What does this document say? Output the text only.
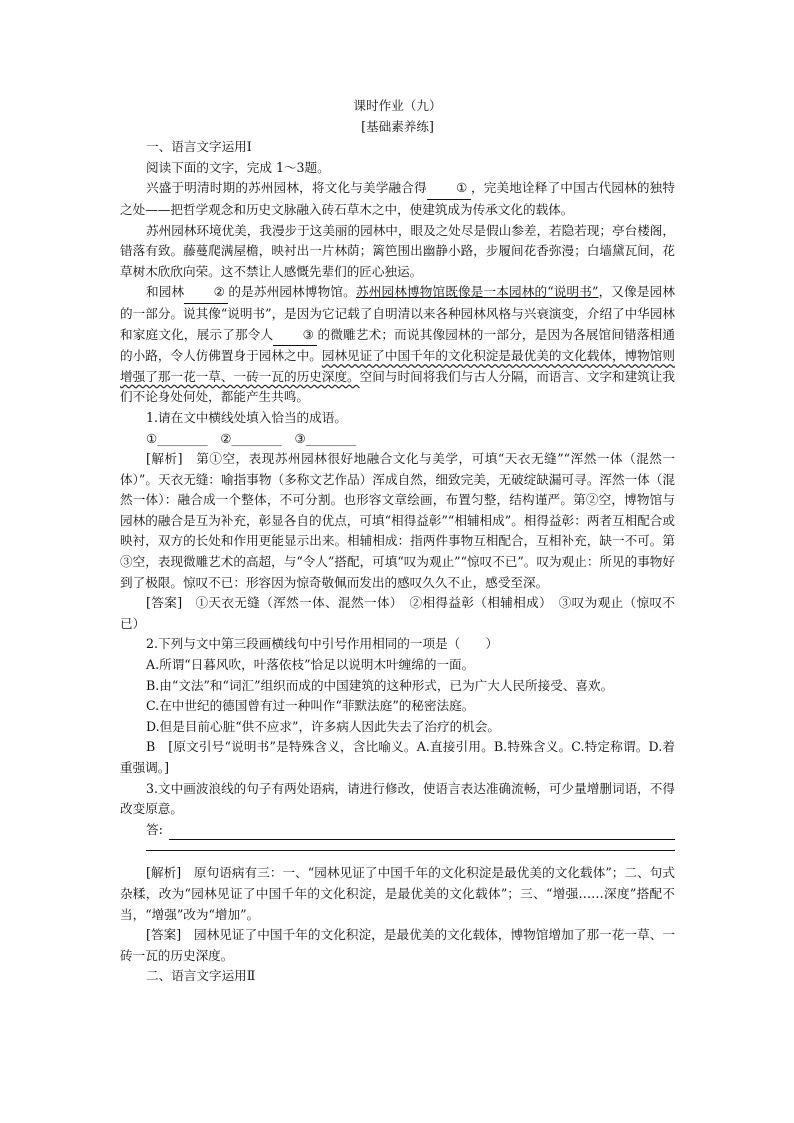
课时作业（九）

[基础素养练]

一、语言文字运用Ⅰ

阅读下面的文字，完成 1～3题。

兴盛于明清时期的苏州园林，将文化与美学融合得 ① ，完美地诠释了中国古代园林的独特之处——把哲学观念和历史文脉融入砖石草木之中，使建筑成为传承文化的载体。

苏州园林环境优美，我漫步于这美丽的园林中，眼及之处尽是假山参差，若隐若现；亭台楼阁，错落有致。藤蔓爬满屋檐，映衬出一片林荫；篱笆围出幽静小路，步履间花香弥漫；白墙黛瓦间，花草树木欣欣向荣。这不禁让人感慨先辈们的匠心独运。

和园林 ② 的是苏州园林博物馆。苏州园林博物馆既像是一本园林的“说明书”，又像是园林的一部分。说其像“说明书”，是因为它记载了自明清以来各种园林风格与兴衰演变，介绍了中华园林和家庭文化，展示了那令人 ③ 的微雕艺术；而说其像园林的一部分，是因为各展馆间错落相通的小路，令人仿佛置身于园林之中。园林见证了中国千年的文化积淀是最优美的文化载体，博物馆则增强了那一花一草、一砖一瓦的历史深度。空间与时间将我们与古人分隔，而语言、文字和建筑让我们不论身处何处，都能产生共鸣。

1.请在文中横线处填入恰当的成语。

①________　②________　③________

[解析]　 第①空，表现苏州园林很好地融合文化与美学，可填“天衣无缝”“浑然一体（混然一体）”。天衣无缝：喻指事物（多称文艺作品）浑成自然，细致完美，无破绽缺漏可寻。浑然一体（混然一体）：融合成一个整体，不可分割。也形容文章绘画，布置匀整，结构谨严。第②空，博物馆与园林的融合是互为补充，彰显各自的优点，可填“相得益彰”“相辅相成”。相得益彰：两者互相配合或映衬，双方的长处和作用更能显示出来。相辅相成：指两件事物互相配合，互相补充，缺一不可。第③空，表现微雕艺术的高超，与“令人”搭配，可填“叹为观止”“惊叹不已”。叹为观止：所见的事物好到了极限。惊叹不已：形容因为惊奇敬佩而发出的感叹久久不止，感受至深。

[答案]　 ①天衣无缝（浑然一体、混然一体）　②相得益彰（相辅相成）　③叹为观止（惊叹不已）

2.下列与文中第三段画横线句中引号作用相同的一项是（　　）

A.所谓“日暮风吹，叶落依枝”恰足以说明木叶缠绵的一面。

B.由“文法”和“词汇”组织而成的中国建筑的这种形式，已为广大人民所接受、喜欢。

C.在中世纪的德国曾有过一种叫作“菲默法庭”的秘密法庭。

D.但是目前心脏“供不应求”，许多病人因此失去了治疗的机会。

B　[原文引号“说明书”是特殊含义，含比喻义。A.直接引用。B.特殊含义。C.特定称谓。D.着重强调。]

3.文中画波浪线的句子有两处语病，请进行修改，使语言表达准确流畅，可少量增删词语，不得改变原意。

答:

[解析]　 原句语病有三：一、“园林见证了中国千年的文化积淀是最优美的文化载体”；二、句式杂糅，改为“园林见证了中国千年的文化积淀，是最优美的文化载体”；三、“增强……深度”搭配不当，“增强”改为“增加”。

[答案]　 园林见证了中国千年的文化积淀，是最优美的文化载体，博物馆增加了那一花一草、一砖一瓦的历史深度。

二、语言文字运用Ⅱ
